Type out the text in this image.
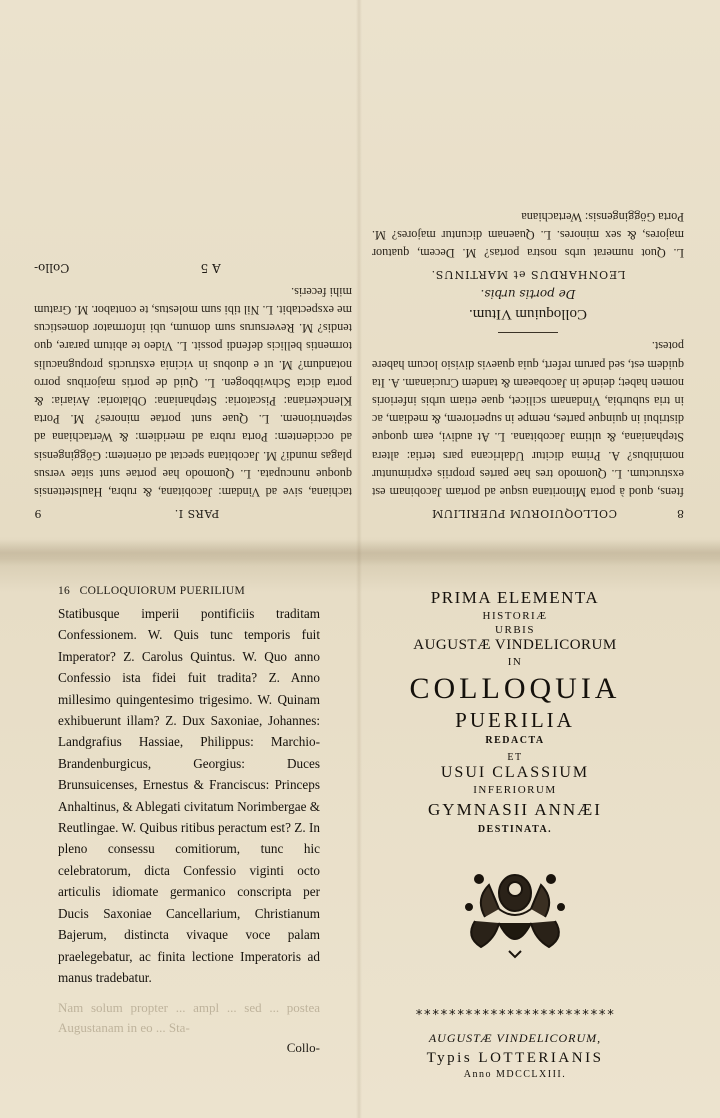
8
COLLOQUIORUM PUERILIUM
ftens, quod à porta Minoritana usque ad portam Jacobinam est exstructum. L. Quomodo tres hae partes propriis exprimuntur nominibus? A. Prima dicitur Udalricana pars tertia: altera Stephaniana, & ultima Jacobitana. L. At audivi, eam quoque distribui in quinque partes, nempe in superiorem, & mediam, ac in tria suburbia, Vindanam scilicet, quae etiam urbis inferioris nomen habet; deinde in Jacobaeam & tandem Crucianam. A. Ita quidem est, sed parum refert, quia quaevis divisio locum habere potest.
Colloquium VItum.
De portis urbis.
LEONHARDUS et MARTINUS.
L. Quot numerat urbs nostra portas? M. Decem, quatuor majores, & sex minores. L. Quaenam dicuntur majores? M. Porta Göggingensis: Wertachiana
PARS I.
9
tachiana, sive ad Vindam: Jacobitana, & rubra, Haulstettensis quoque nuncupata. L. Quomodo hae portae sunt sitae versus plagas mundi? M. Jacobitana spectat ad orientem: Göggingensis ad occidentem: Porta rubra ad meridiem: & Wertachiana ad septentrionem. L. Quae sunt portae minores? M. Porta Klenckeriana: Piscatoria: Stephaniana: Oblatoria: Aviaria: & porta dicta Schwibbogen. L. Quid de portis majoribus porro notandum? M. ut e duobus in vicinia exstructis propugnaculis tormentis bellicis defendi possit. L. Video te abitum parare, quo tendis? M. Reversurus sum domum, ubi informator domesticus me exspectabit. L. Nil tibi sum molestus, te contabor. M. Gratum mihi feceris.
A 5
Collo-
16 COLLOQUIORUM PUERILIUM
Statibusque imperii pontificiis traditam Confessionem. W. Quis tunc temporis fuit Imperator? Z. Carolus Quintus. W. Quo anno Confessio ista fidei fuit tradita? Z. Anno millesimo quingentesimo trigesimo. W. Quinam exhibuerunt illam? Z. Dux Saxoniae, Johannes: Landgrafius Hassiae, Philippus: Marchio-Brandenburgicus, Georgius: Duces Brunsuicenses, Ernestus & Franciscus: Princeps Anhaltinus, & Ablegati civitatum Norimbergae & Reutlingae. W. Quibus ritibus peractum est? Z. In pleno consessu comitiorum, tunc hic celebratorum, dicta Confessio viginti octo articulis idiomate germanico conscripta per Ducis Saxoniae Cancellarium, Christianum Bajerum, distincta vivaque voce palam praelegebatur, ac finita lectione Imperatoris ad manus tradebatur.
Nam solum propter ... ampl ... sed ... postea Augustanam in eo ... Sta-
Collo-
PRIMA ELEMENTA
HISTORIÆ
URBIS
AUGUSTÆ VINDELICORUM
IN
COLLOQUIA
PUERILIA
REDACTA
ET
USUI CLASSIUM
INFERIORUM
GYMNASII ANNÆI
DESTINATA.
************************
AUGUSTÆ VINDELICORUM,
Typis LOTTERIANIS
Anno MDCCLXIII.
